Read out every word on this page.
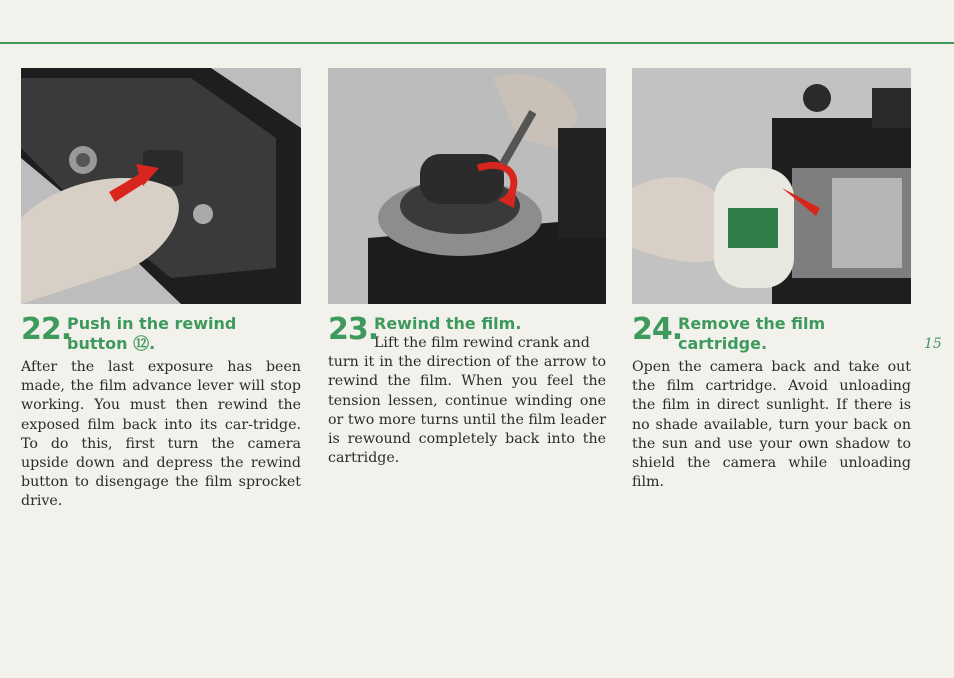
22.
Push in the rewind button ⑫.

After the last exposure has been made, the film advance lever will stop working. You must then rewind the exposed film back into its car-tridge. To do this, first turn the camera upside down and depress the rewind button to disengage the film sprocket drive.

23.
Rewind the film.

Lift the film rewind crank and
turn it in the direction of the arrow to rewind the film. When you feel the tension lessen, continue winding one or two more turns until the film leader is rewound completely back into the cartridge.

24.
Remove the film cartridge.

Open the camera back and take out the film cartridge. Avoid unloading the film in direct sunlight. If there is no shade available, turn your back on the sun and use your own shadow to shield the camera while unloading film.

15
